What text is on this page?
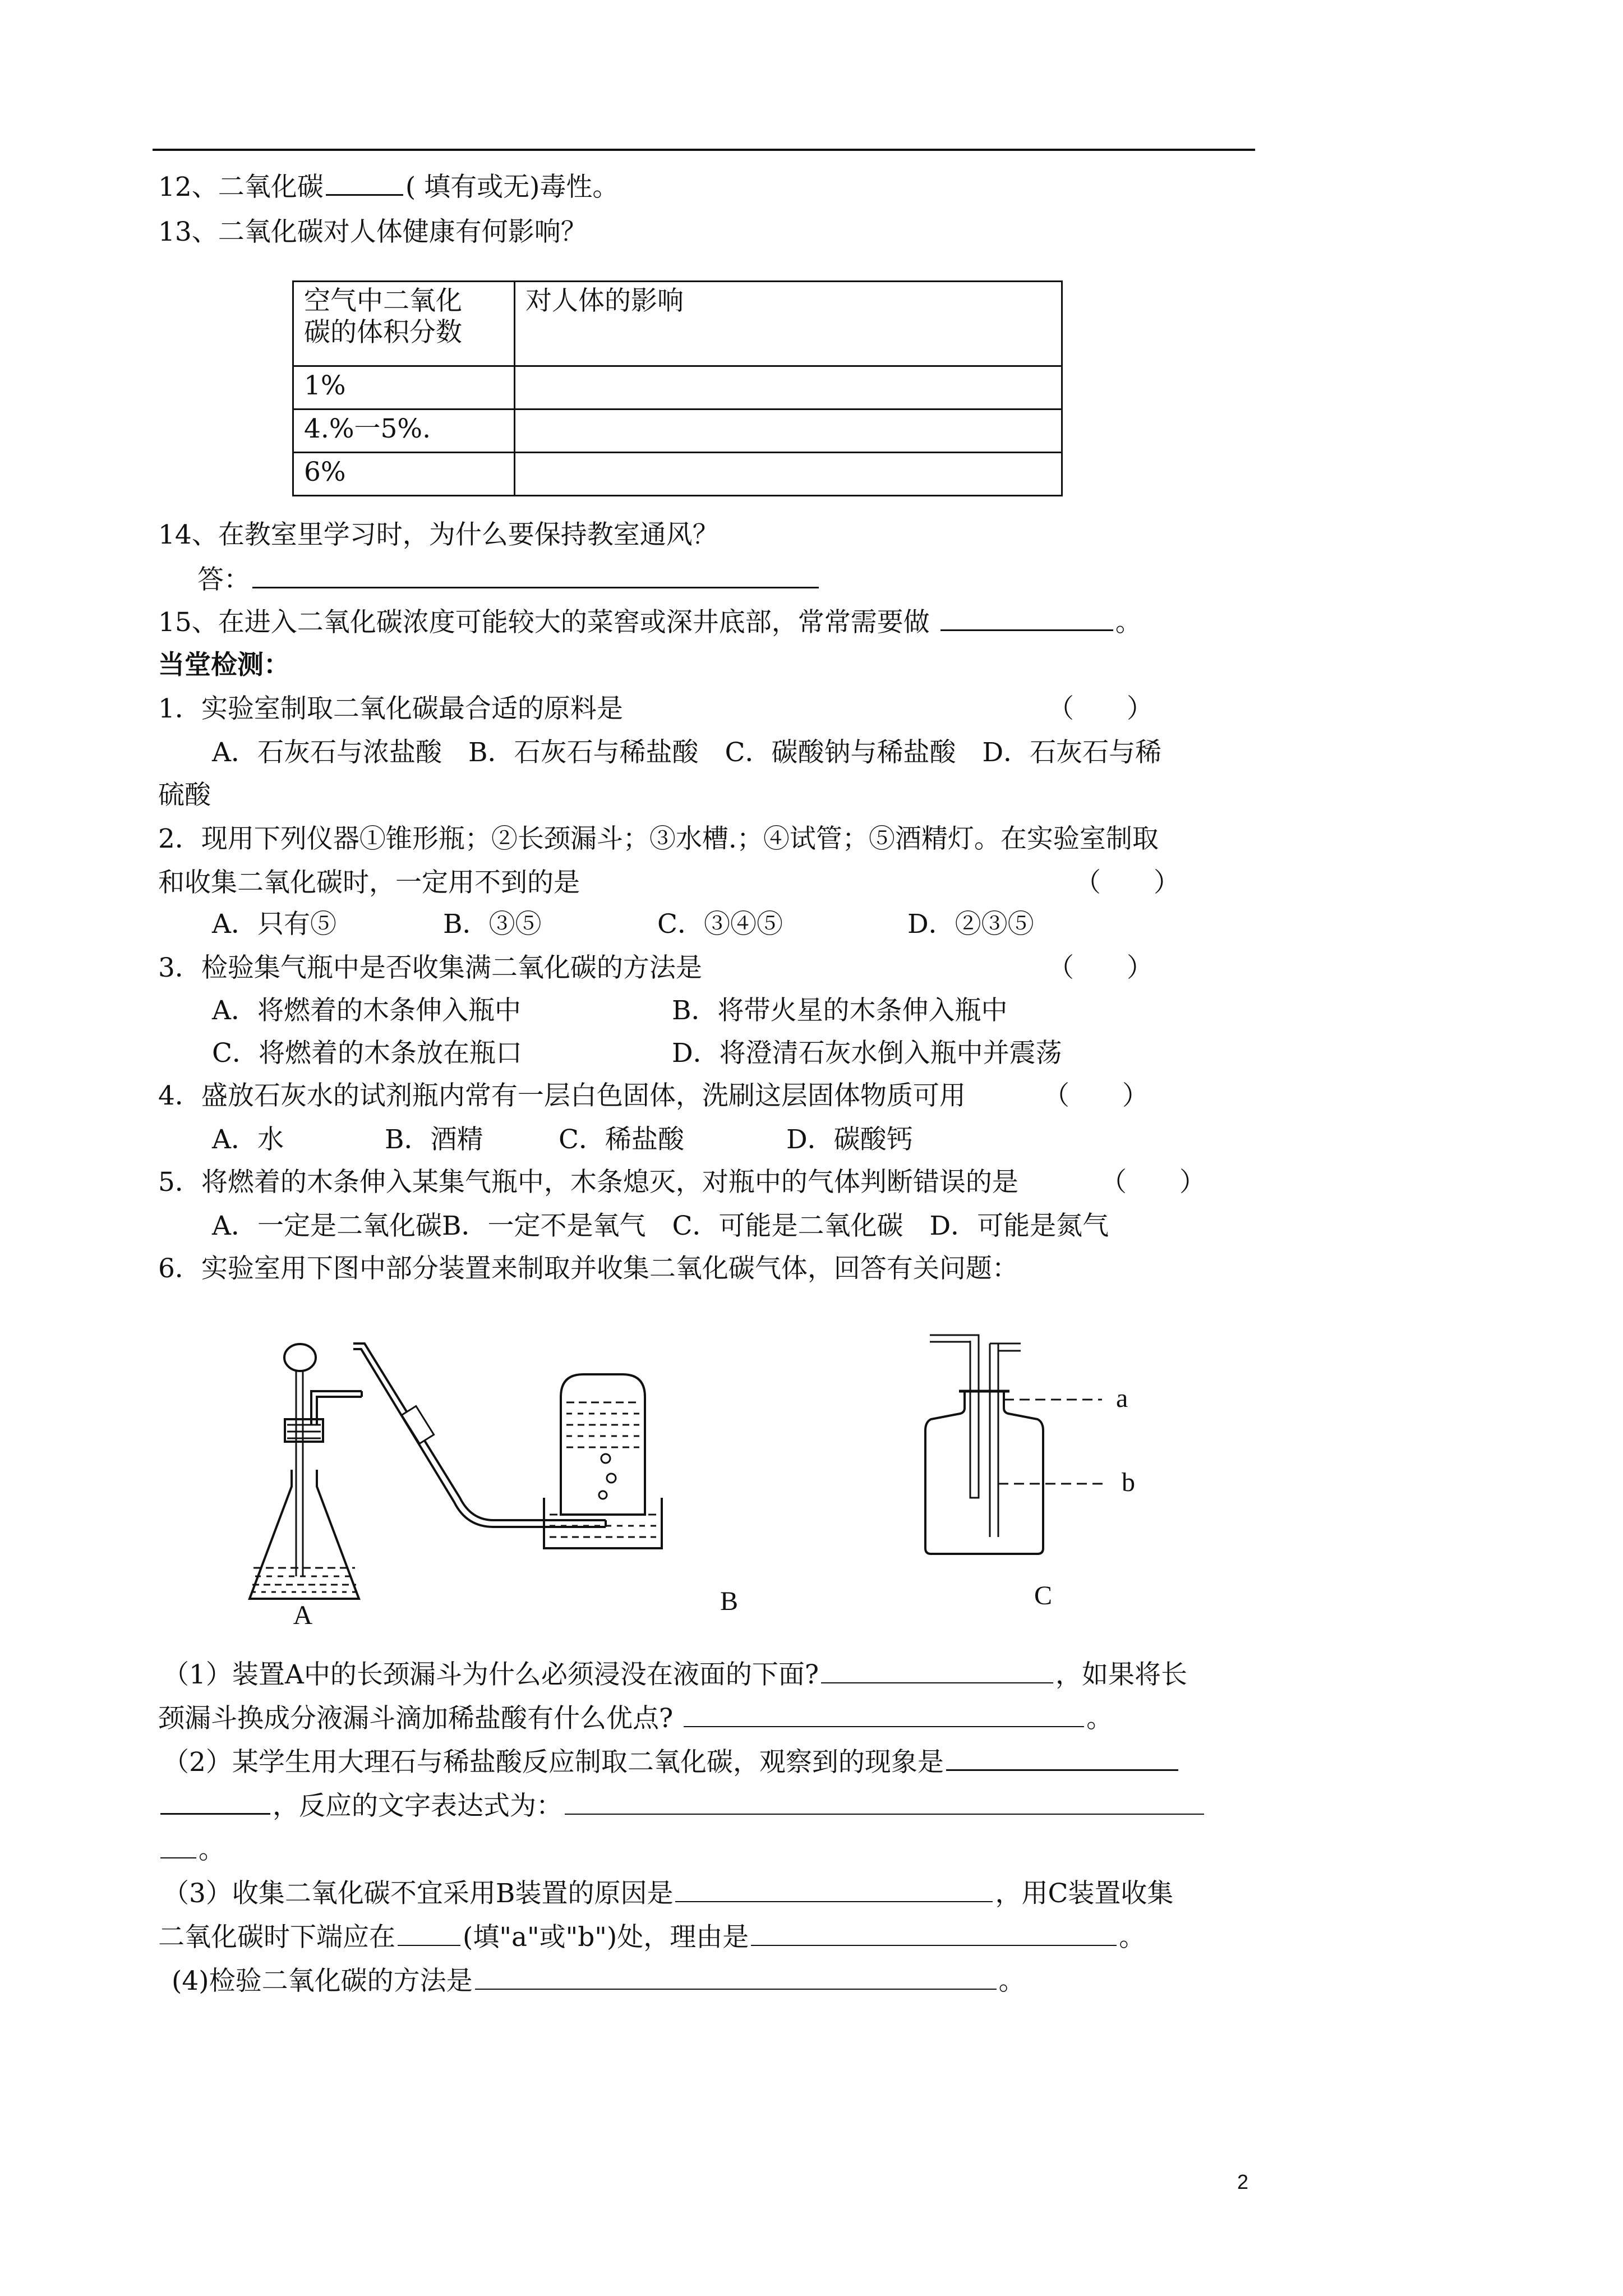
12、二氧化碳	( 填有或无)毒性。
13、二氧化碳对人体健康有何影响？
空气中二氧化
碳的体积分数	对人体的影响
1%	
4.%一5%.	
6%	
14、在教室里学习时，为什么要保持教室通风？
答：
15、在进入二氧化碳浓度可能较大的菜窖或深井底部，常常需要做	。
当堂检测：
1．实验室制取二氧化碳最合适的原料是	（　　）
A．石灰石与浓盐酸　B．石灰石与稀盐酸　C．碳酸钠与稀盐酸　D．石灰石与稀
硫酸
2．现用下列仪器①锥形瓶；②长颈漏斗；③水槽.；④试管；⑤酒精灯。在实验室制取
和收集二氧化碳时，一定用不到的是	（　　）
A．只有⑤	B．③⑤	C．③④⑤	D．②③⑤
3．检验集气瓶中是否收集满二氧化碳的方法是	（　　）
A．将燃着的木条伸入瓶中	B．将带火星的木条伸入瓶中
C．将燃着的木条放在瓶口	D．将澄清石灰水倒入瓶中并震荡
4．盛放石灰水的试剂瓶内常有一层白色固体，洗刷这层固体物质可用	（　　）
A．水	B．酒精	C．稀盐酸	D．碳酸钙
5．将燃着的木条伸入某集气瓶中，木条熄灭，对瓶中的气体判断错误的是	（　　）
A．一定是二氧化碳B．一定不是氧气　C．可能是二氧化碳　D．可能是氮气
6．实验室用下图中部分装置来制取并收集二氧化碳气体，回答有关问题：
A	B
a
b
C
（1）装置A中的长颈漏斗为什么必须浸没在液面的下面?	，如果将长
颈漏斗换成分液漏斗滴加稀盐酸有什么优点?	。
（2）某学生用大理石与稀盐酸反应制取二氧化碳，观察到的现象是
，反应的文字表达式为：
。
（3）收集二氧化碳不宜采用B装置的原因是	，用C装置收集
二氧化碳时下端应在	(填"a"或"b")处，理由是	。
(4)检验二氧化碳的方法是	。
2
